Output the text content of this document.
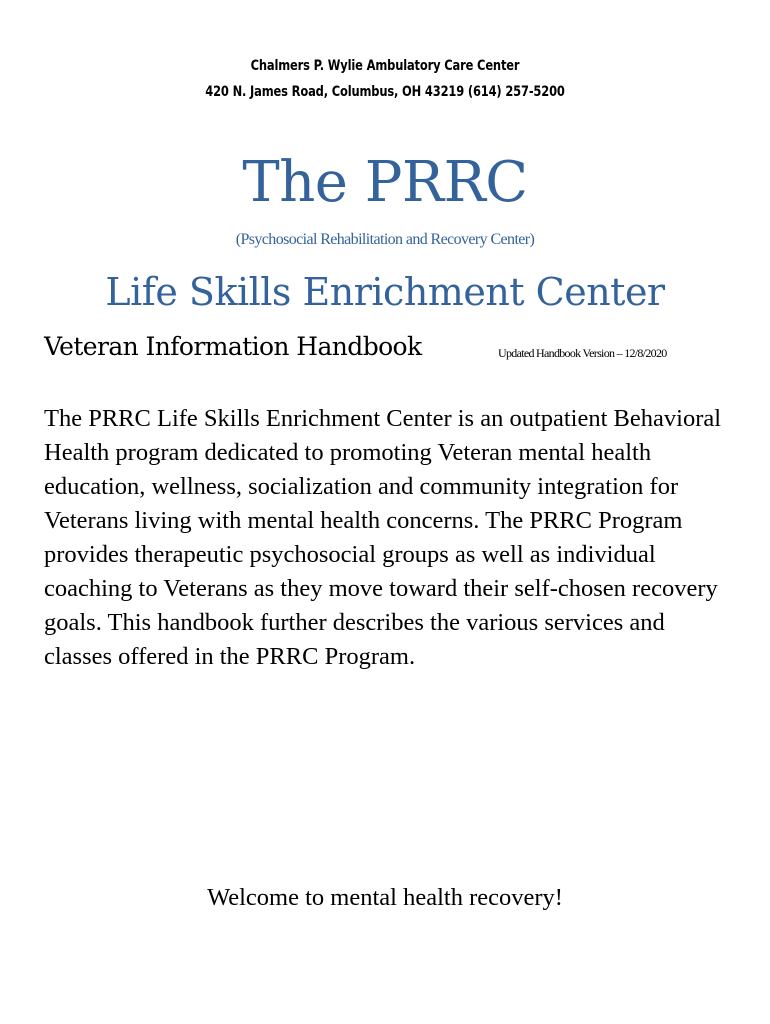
Chalmers P. Wylie Ambulatory Care Center
420 N. James Road, Columbus, OH 43219 (614) 257-5200
The PRRC
(Psychosocial Rehabilitation and Recovery Center)
Life Skills Enrichment Center
Veteran Information Handbook	Updated Handbook Version – 12/8/2020

The PRRC Life Skills Enrichment Center is an outpatient Behavioral Health program dedicated to promoting Veteran mental health education, wellness, socialization and community integration for Veterans living with mental health concerns. The PRRC Program provides therapeutic psychosocial groups as well as individual coaching to Veterans as they move toward their self-chosen recovery goals. This handbook further describes the various services and classes offered in the PRRC Program.

Welcome to mental health recovery!
